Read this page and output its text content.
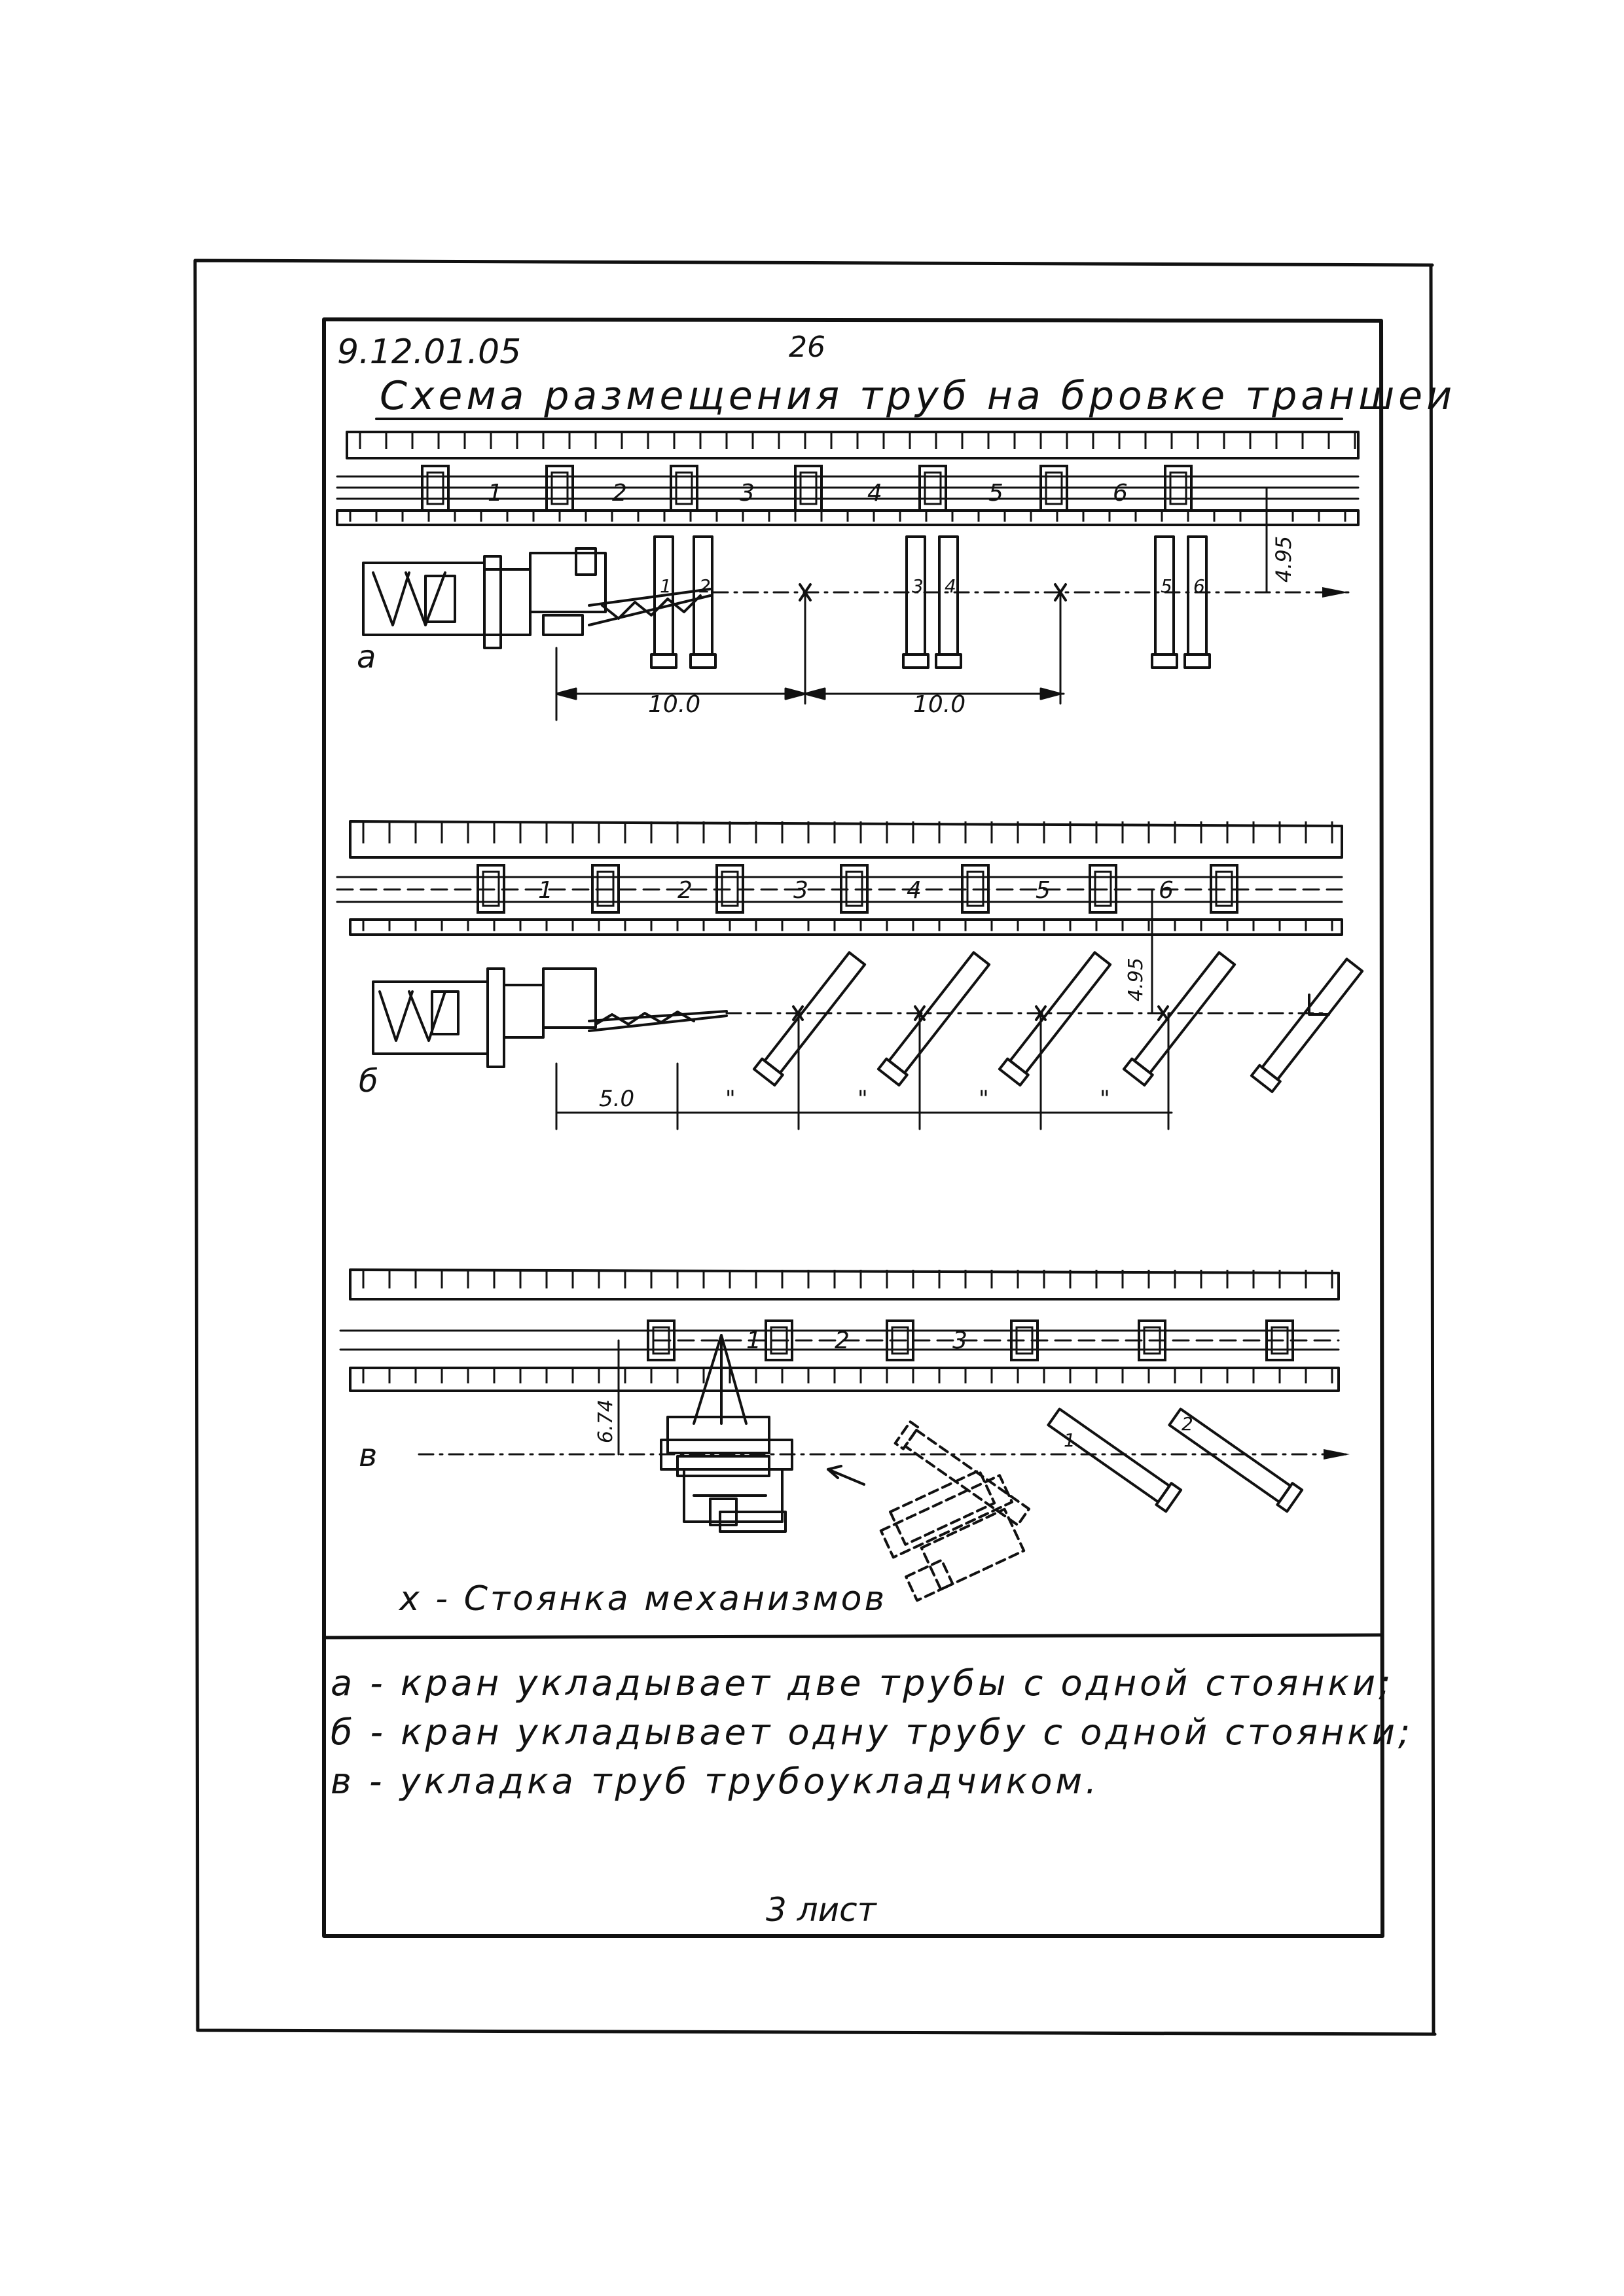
9.12.01.05	26
Схема размещения труб на бровке траншеи
1	2	3	4	5	6
а
1 2	3 4	5 6
4.95
10.0	10.0
1	2	3	4	5	6
б
4.95
5.0	"	"	"	"
1	2	3
в
6.74	1
2
х - Стоянка механизмов
а - кран укладывает две трубы с одной стоянки;
б - кран укладывает одну трубу с одной стоянки;
в - укладка труб трубоукладчиком.
3 лист
